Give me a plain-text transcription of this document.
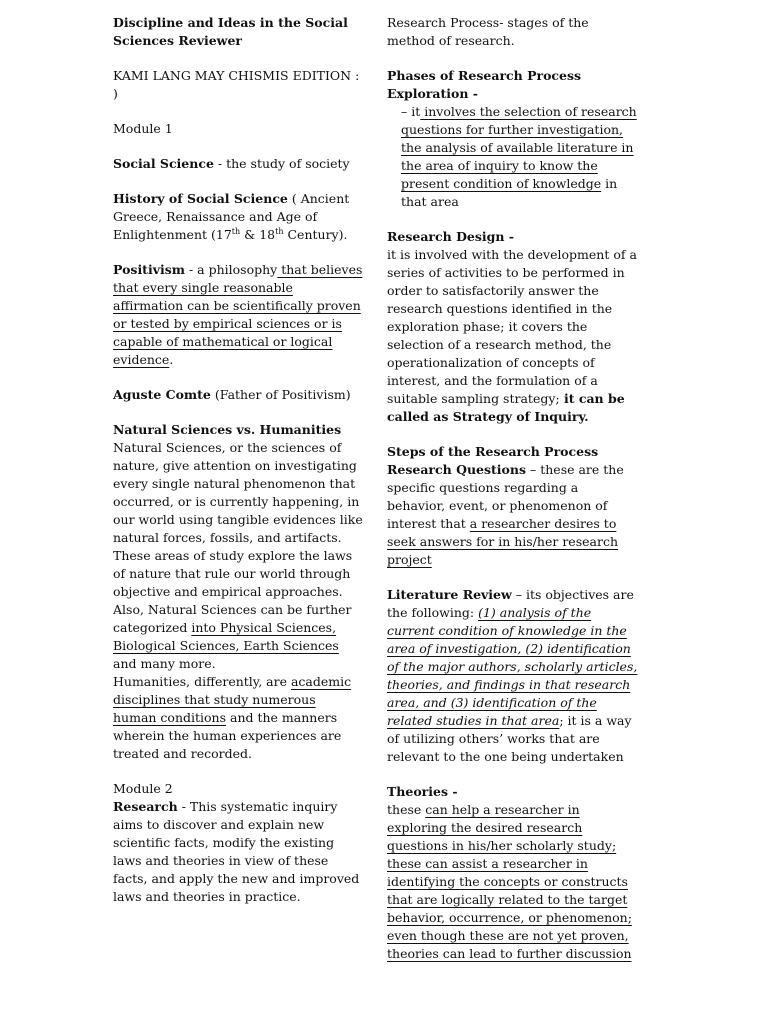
Discipline and Ideas in the Social Sciences Reviewer

KAMI LANG MAY CHISMIS EDITION : )

Module 1

Social Science - the study of society

History of Social Science ( Ancient Greece, Renaissance and Age of Enlightenment (17th & 18th Century).

Positivism - a philosophy that believes that every single reasonable affirmation can be scientifically proven or tested by empirical sciences or is capable of mathematical or logical evidence.

Aguste Comte (Father of Positivism)

Natural Sciences vs. Humanities

Natural Sciences, or the sciences of nature, give attention on investigating every single natural phenomenon that occurred, or is currently happening, in our world using tangible evidences like natural forces, fossils, and artifacts. These areas of study explore the laws of nature that rule our world through objective and empirical approaches. Also, Natural Sciences can be further categorized into Physical Sciences, Biological Sciences, Earth Sciences and many more.

Humanities, differently, are academic disciplines that study numerous human conditions and the manners wherein the human experiences are treated and recorded.

Module 2

Research - This systematic inquiry aims to discover and explain new scientific facts, modify the existing laws and theories in view of these facts, and apply the new and improved laws and theories in practice.

Research Process- stages of the method of research.

Phases of Research Process

Exploration -

– it involves the selection of research questions for further investigation, the analysis of available literature in the area of inquiry to know the present condition of knowledge in that area

Research Design -

it is involved with the development of a series of activities to be performed in order to satisfactorily answer the research questions identified in the exploration phase; it covers the selection of a research method, the operationalization of concepts of interest, and the formulation of a suitable sampling strategy; it can be called as Strategy of Inquiry.

Steps of the Research Process

Research Questions – these are the specific questions regarding a behavior, event, or phenomenon of interest that a researcher desires to seek answers for in his/her research project

Literature Review – its objectives are the following: (1) analysis of the current condition of knowledge in the area of investigation, (2) identification of the major authors, scholarly articles, theories, and findings in that research area, and (3) identification of the related studies in that area; it is a way of utilizing others’ works that are relevant to the one being undertaken

Theories -

these can help a researcher in exploring the desired research questions in his/her scholarly study; these can assist a researcher in identifying the concepts or constructs that are logically related to the target behavior, occurrence, or phenomenon; even though these are not yet proven, theories can lead to further discussion
